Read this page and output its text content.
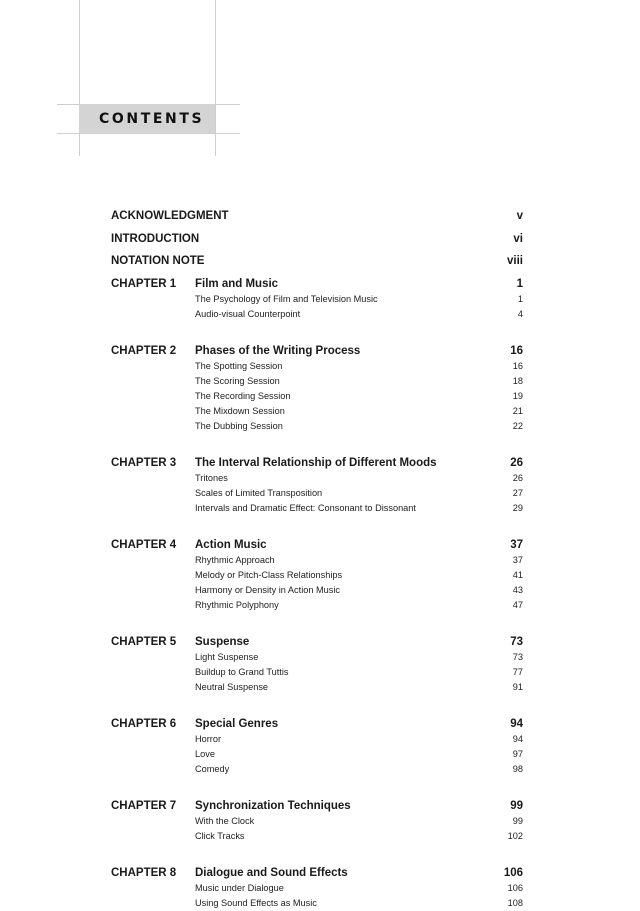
CONTENTS
ACKNOWLEDGMENT	v
INTRODUCTION	vi
NOTATION NOTE	viii
CHAPTER 1 Film and Music	1
The Psychology of Film and Television Music	1
Audio-visual Counterpoint	4
CHAPTER 2 Phases of the Writing Process	16
The Spotting Session	16
The Scoring Session	18
The Recording Session	19
The Mixdown Session	21
The Dubbing Session	22
CHAPTER 3 The Interval Relationship of Different Moods	26
Tritones	26
Scales of Limited Transposition	27
Intervals and Dramatic Effect: Consonant to Dissonant	29
CHAPTER 4 Action Music	37
Rhythmic Approach	37
Melody or Pitch-Class Relationships	41
Harmony or Density in Action Music	43
Rhythmic Polyphony	47
CHAPTER 5 Suspense	73
Light Suspense	73
Buildup to Grand Tuttis	77
Neutral Suspense	91
CHAPTER 6 Special Genres	94
Horror	94
Love	97
Comedy	98
CHAPTER 7 Synchronization Techniques	99
With the Clock	99
Click Tracks	102
CHAPTER 8 Dialogue and Sound Effects	106
Music under Dialogue	106
Using Sound Effects as Music	108
